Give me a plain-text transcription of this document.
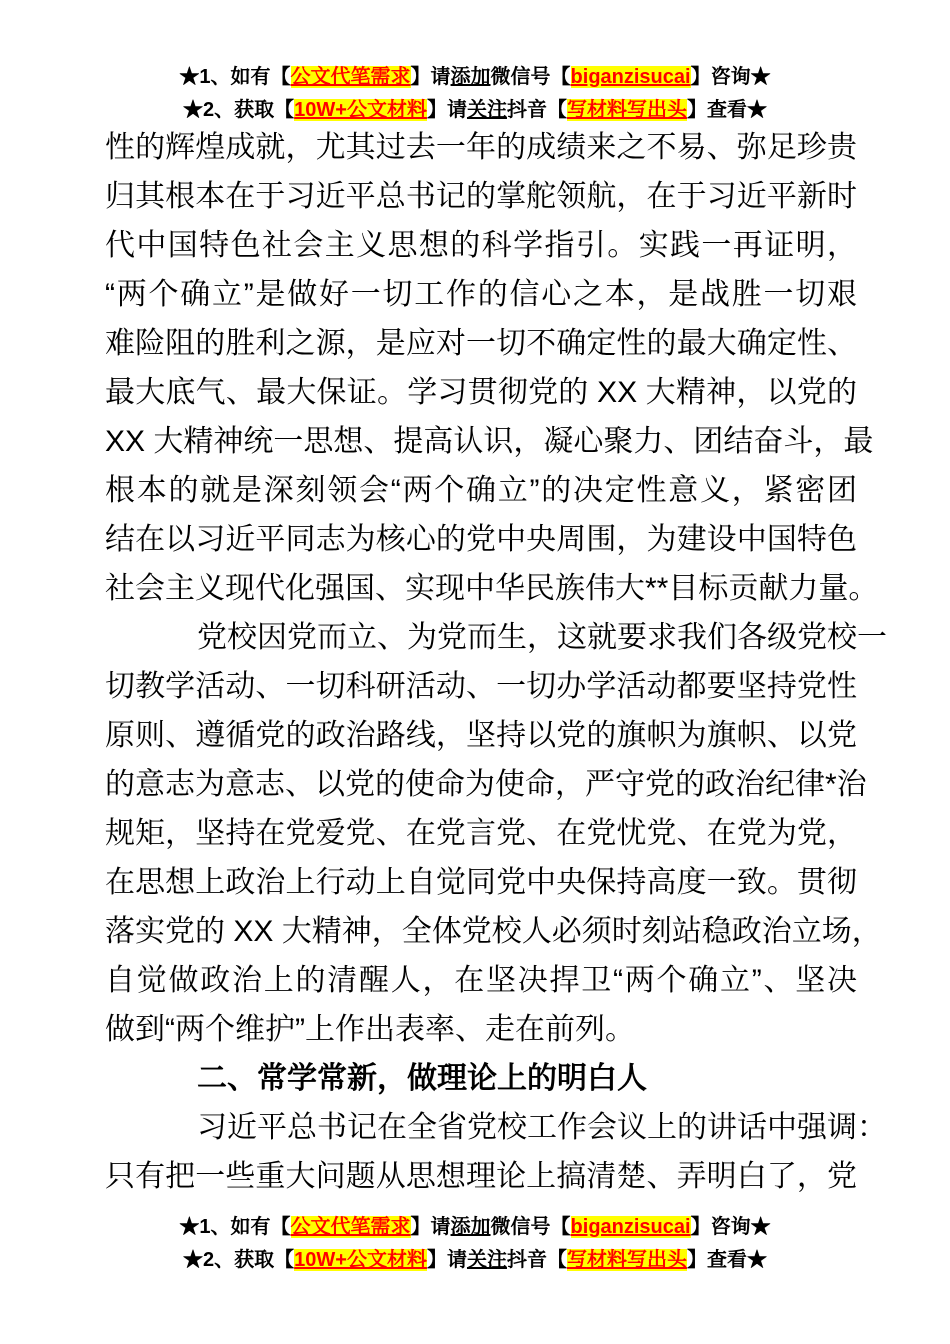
★1、如有【公文代笔需求】请添加微信号【biganzisucai】咨询★
★2、获取【10W+公文材料】请关注抖音【写材料写出头】查看★
性的辉煌成就，尤其过去一年的成绩来之不易、弥足珍贵
归其根本在于习近平总书记的掌舵领航，在于习近平新时
代中国特色社会主义思想的科学指引。实践一再证明，
“两个确立”是做好一切工作的信心之本，是战胜一切艰
难险阻的胜利之源，是应对一切不确定性的最大确定性、
最大底气、最大保证。学习贯彻党的 XX 大精神，以党的
XX 大精神统一思想、提高认识，凝心聚力、团结奋斗，最
根本的就是深刻领会“两个确立”的决定性意义，紧密团
结在以习近平同志为核心的党中央周围，为建设中国特色
社会主义现代化强国、实现中华民族伟大**目标贡献力量。
党校因党而立、为党而生，这就要求我们各级党校一
切教学活动、一切科研活动、一切办学活动都要坚持党性
原则、遵循党的政治路线，坚持以党的旗帜为旗帜、以党
的意志为意志、以党的使命为使命，严守党的政治纪律*治
规矩，坚持在党爱党、在党言党、在党忧党、在党为党，
在思想上政治上行动上自觉同党中央保持高度一致。贯彻
落实党的 XX 大精神，全体党校人必须时刻站稳政治立场，
自觉做政治上的清醒人，在坚决捍卫“两个确立”、坚决
做到“两个维护”上作出表率、走在前列。
二、常学常新，做理论上的明白人
习近平总书记在全省党校工作会议上的讲话中强调：
只有把一些重大问题从思想理论上搞清楚、弄明白了，党
★1、如有【公文代笔需求】请添加微信号【biganzisucai】咨询★
★2、获取【10W+公文材料】请关注抖音【写材料写出头】查看★
